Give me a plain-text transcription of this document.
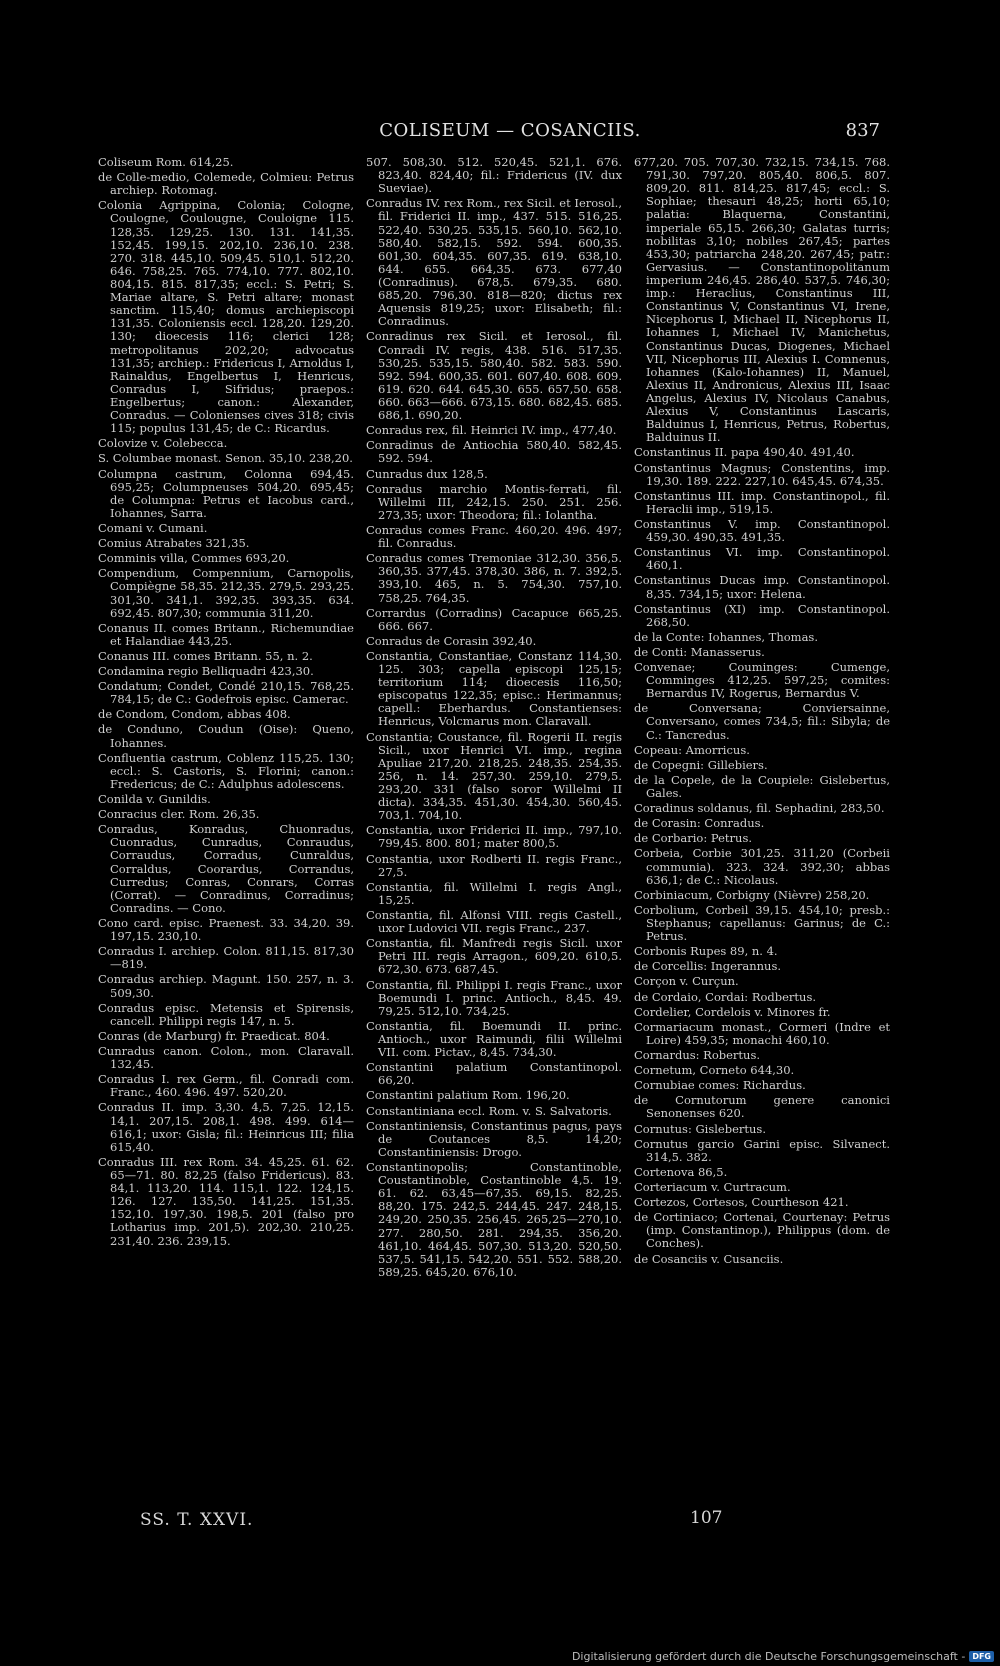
COLISEUM — COSANCIIS.	837

Coliseum Rom. 614,25.

de Colle-medio, Colemede, Colmieu: Petrus archiep. Rotomag.

Colonia Agrippina, Colonia; Cologne, Coulogne, Coulougne, Couloigne 115. 128,35. 129,25. 130. 131. 141,35. 152,45. 199,15. 202,10. 236,10. 238. 270. 318. 445,10. 509,45. 510,1. 512,20. 646. 758,25. 765. 774,10. 777. 802,10. 804,15. 815. 817,35; eccl.: S. Petri; S. Mariae altare, S. Petri altare; monast sanctim. 115,40; domus archiepiscopi 131,35. Coloniensis eccl. 128,20. 129,20. 130; dioecesis 116; clerici 128; metropolitanus 202,20; advocatus 131,35; archiep.: Fridericus I, Arnoldus I, Rainaldus, Engelbertus I, Henricus, Conradus I, Sifridus; praepos.: Engelbertus; canon.: Alexander, Conradus. — Colonienses cives 318; civis 115; populus 131,45; de C.: Ricardus.

Colovize v. Colebecca.

S. Columbae monast. Senon. 35,10. 238,20.

Columpna castrum, Colonna 694,45. 695,25; Columpneuses 504,20. 695,45; de Columpna: Petrus et Iacobus card., Iohannes, Sarra.

Comani v. Cumani.

Comius Atrabates 321,35.

Comminis villa, Commes 693,20.

Compendium, Compennium, Carnopolis, Compiègne 58,35. 212,35. 279,5. 293,25. 301,30. 341,1. 392,35. 393,35. 634. 692,45. 807,30; communia 311,20.

Conanus II. comes Britann., Richemundiae et Halandiae 443,25.

Conanus III. comes Britann. 55, n. 2.

Condamina regio Belliquadri 423,30.

Condatum; Condet, Condé 210,15. 768,25. 784,15; de C.: Godefrois episc. Camerac.

de Condom, Condom, abbas 408.

de Conduno, Coudun (Oise): Queno, Iohannes.

Confluentia castrum, Coblenz 115,25. 130; eccl.: S. Castoris, S. Florini; canon.: Fredericus; de C.: Adulphus adolescens.

Conilda v. Gunildis.

Conracius cler. Rom. 26,35.

Conradus, Konradus, Chuonradus, Cuonradus, Cunradus, Conraudus, Corraudus, Corradus, Cunraldus, Corraldus, Coorardus, Corrandus, Curredus; Conras, Conrars, Corras (Corrat). — Conradinus, Corradinus; Conradins. — Cono.

Cono card. episc. Praenest. 33. 34,20. 39. 197,15. 230,10.

Conradus I. archiep. Colon. 811,15. 817,30—819.

Conradus archiep. Magunt. 150. 257, n. 3. 509,30.

Conradus episc. Metensis et Spirensis, cancell. Philippi regis 147, n. 5.

Conras (de Marburg) fr. Praedicat. 804.

Cunradus canon. Colon., mon. Claravall. 132,45.

Conradus I. rex Germ., fil. Conradi com. Franc., 460. 496. 497. 520,20.

Conradus II. imp. 3,30. 4,5. 7,25. 12,15. 14,1. 207,15. 208,1. 498. 499. 614—616,1; uxor: Gisla; fil.: Heinricus III; filia 615,40.

Conradus III. rex Rom. 34. 45,25. 61. 62. 65—71. 80. 82,25 (falso Fridericus). 83. 84,1. 113,20. 114. 115,1. 122. 124,15. 126. 127. 135,50. 141,25. 151,35. 152,10. 197,30. 198,5. 201 (falso pro Lotharius imp. 201,5). 202,30. 210,25. 231,40. 236. 239,15.

507. 508,30. 512. 520,45. 521,1. 676. 823,40. 824,40; fil.: Fridericus (IV. dux Sueviae).

Conradus IV. rex Rom., rex Sicil. et Ierosol., fil. Friderici II. imp., 437. 515. 516,25. 522,40. 530,25. 535,15. 560,10. 562,10. 580,40. 582,15. 592. 594. 600,35. 601,30. 604,35. 607,35. 619. 638,10. 644. 655. 664,35. 673. 677,40 (Conradinus). 678,5. 679,35. 680. 685,20. 796,30. 818—820; dictus rex Aquensis 819,25; uxor: Elisabeth; fil.: Conradinus.

Conradinus rex Sicil. et Ierosol., fil. Conradi IV. regis, 438. 516. 517,35. 530,25. 535,15. 580,40. 582. 583. 590. 592. 594. 600,35. 601. 607,40. 608. 609. 619. 620. 644. 645,30. 655. 657,50. 658. 660. 663—666. 673,15. 680. 682,45. 685. 686,1. 690,20.

Conradus rex, fil. Heinrici IV. imp., 477,40.

Conradinus de Antiochia 580,40. 582,45. 592. 594.

Cunradus dux 128,5.

Conradus marchio Montis-ferrati, fil. Willelmi III, 242,15. 250. 251. 256. 273,35; uxor: Theodora; fil.: Iolantha.

Conradus comes Franc. 460,20. 496. 497; fil. Conradus.

Conradus comes Tremoniae 312,30. 356,5. 360,35. 377,45. 378,30. 386, n. 7. 392,5. 393,10. 465, n. 5. 754,30. 757,10. 758,25. 764,35.

Corrardus (Corradins) Cacapuce 665,25. 666. 667.

Conradus de Corasin 392,40.

Constantia, Constantiae, Constanz 114,30. 125. 303; capella episcopi 125,15; territorium 114; dioecesis 116,50; episcopatus 122,35; episc.: Herimannus; capell.: Eberhardus. Constantienses: Henricus, Volcmarus mon. Claravall.

Constantia; Coustance, fil. Rogerii II. regis Sicil., uxor Henrici VI. imp., regina Apuliae 217,20. 218,25. 248,35. 254,35. 256, n. 14. 257,30. 259,10. 279,5. 293,20. 331 (falso soror Willelmi II dicta). 334,35. 451,30. 454,30. 560,45. 703,1. 704,10.

Constantia, uxor Friderici II. imp., 797,10. 799,45. 800. 801; mater 800,5.

Constantia, uxor Rodberti II. regis Franc., 27,5.

Constantia, fil. Willelmi I. regis Angl., 15,25.

Constantia, fil. Alfonsi VIII. regis Castell., uxor Ludovici VII. regis Franc., 237.

Constantia, fil. Manfredi regis Sicil. uxor Petri III. regis Arragon., 609,20. 610,5. 672,30. 673. 687,45.

Constantia, fil. Philippi I. regis Franc., uxor Boemundi I. princ. Antioch., 8,45. 49. 79,25. 512,10. 734,25.

Constantia, fil. Boemundi II. princ. Antioch., uxor Raimundi, filii Willelmi VII. com. Pictav., 8,45. 734,30.

Constantini palatium Constantinopol. 66,20.

Constantini palatium Rom. 196,20.

Constantiniana eccl. Rom. v. S. Salvatoris.

Constantiniensis, Constantinus pagus, pays de Coutances 8,5. 14,20; Constantiniensis: Drogo.

Constantinopolis; Constantinoble, Coustantinoble, Costantinoble 4,5. 19. 61. 62. 63,45—67,35. 69,15. 82,25. 88,20. 175. 242,5. 244,45. 247. 248,15. 249,20. 250,35. 256,45. 265,25—270,10. 277. 280,50. 281. 294,35. 356,20. 461,10. 464,45. 507,30. 513,20. 520,50. 537,5. 541,15. 542,20. 551. 552. 588,20. 589,25. 645,20. 676,10.

677,20. 705. 707,30. 732,15. 734,15. 768. 791,30. 797,20. 805,40. 806,5. 807. 809,20. 811. 814,25. 817,45; eccl.: S. Sophiae; thesauri 48,25; horti 65,10; palatia: Blaquerna, Constantini, imperiale 65,15. 266,30; Galatas turris; nobilitas 3,10; nobiles 267,45; partes 453,30; patriarcha 248,20. 267,45; patr.: Gervasius. — Constantinopolitanum imperium 246,45. 286,40. 537,5. 746,30; imp.: Heraclius, Constantinus III, Constantinus V, Constantinus VI, Irene, Nicephorus I, Michael II, Nicephorus II, Iohannes I, Michael IV, Manichetus, Constantinus Ducas, Diogenes, Michael VII, Nicephorus III, Alexius I. Comnenus, Iohannes (Kalo-Iohannes) II, Manuel, Alexius II, Andronicus, Alexius III, Isaac Angelus, Alexius IV, Nicolaus Canabus, Alexius V, Constantinus Lascaris, Balduinus I, Henricus, Petrus, Robertus, Balduinus II.

Constantinus II. papa 490,40. 491,40.

Constantinus Magnus; Constentins, imp. 19,30. 189. 222. 227,10. 645,45. 674,35.

Constantinus III. imp. Constantinopol., fil. Heraclii imp., 519,15.

Constantinus V. imp. Constantinopol. 459,30. 490,35. 491,35.

Constantinus VI. imp. Constantinopol. 460,1.

Constantinus Ducas imp. Constantinopol. 8,35. 734,15; uxor: Helena.

Constantinus (XI) imp. Constantinopol. 268,50.

de la Conte: Iohannes, Thomas.

de Conti: Manasserus.

Convenae; Couminges: Cumenge, Comminges 412,25. 597,25; comites: Bernardus IV, Rogerus, Bernardus V.

de Conversana; Conviersainne, Conversano, comes 734,5; fil.: Sibyla; de C.: Tancredus.

Copeau: Amorricus.

de Copegni: Gillebiers.

de la Copele, de la Coupiele: Gislebertus, Gales.

Coradinus soldanus, fil. Sephadini, 283,50.

de Corasin: Conradus.

de Corbario: Petrus.

Corbeia, Corbie 301,25. 311,20 (Corbeii communia). 323. 324. 392,30; abbas 636,1; de C.: Nicolaus.

Corbiniacum, Corbigny (Nièvre) 258,20.

Corbolium, Corbeil 39,15. 454,10; presb.: Stephanus; capellanus: Garinus; de C.: Petrus.

Corbonis Rupes 89, n. 4.

de Corcellis: Ingerannus.

Corçon v. Curçun.

de Cordaio, Cordai: Rodbertus.

Cordelier, Cordelois v. Minores fr.

Cormariacum monast., Cormeri (Indre et Loire) 459,35; monachi 460,10.

Cornardus: Robertus.

Cornetum, Corneto 644,30.

Cornubiae comes: Richardus.

de Cornutorum genere canonici Senonenses 620.

Cornutus: Gislebertus.

Cornutus garcio Garini episc. Silvanect. 314,5. 382.

Cortenova 86,5.

Corteriacum v. Curtracum.

Cortezos, Cortesos, Courtheson 421.

de Cortiniaco; Cortenai, Courtenay: Petrus (imp. Constantinop.), Philippus (dom. de Conches).

de Cosanciis v. Cusanciis.

SS. T. XXVI.	107
Digitalisierung gefördert durch die Deutsche Forschungsgemeinschaft - DFG
